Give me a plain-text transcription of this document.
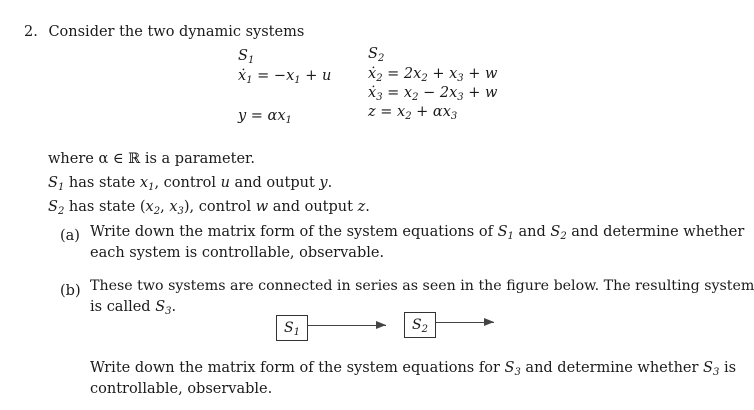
2. Consider the two dynamic systems
$S_1$
ẋ$_1$ = $-x_1 + u$
$y = \alpha x_1$
$S_2$
ẋ$_2$ = $2x_2 + x_3 + w$
ẋ$_3$ = $x_2 - 2x_3 + w$
$z = x_2 + \alpha x_3$
where α ∈ ℝ is a parameter.
$S_1$ has state $x_1$, control u and output y.
$S_2$ has state ($x_2$, $x_3$), control w and output z.
(a) Write down the matrix form of the system equations of $S_1$ and $S_2$ and determine whether
each system is controllable, observable.
(b) These two systems are connected in series as seen in the figure below. The resulting system
is called $S_3$.
$S_1$	$S_2$
Write down the matrix form of the system equations for $S_3$ and determine whether $S_3$ is
controllable, observable.
